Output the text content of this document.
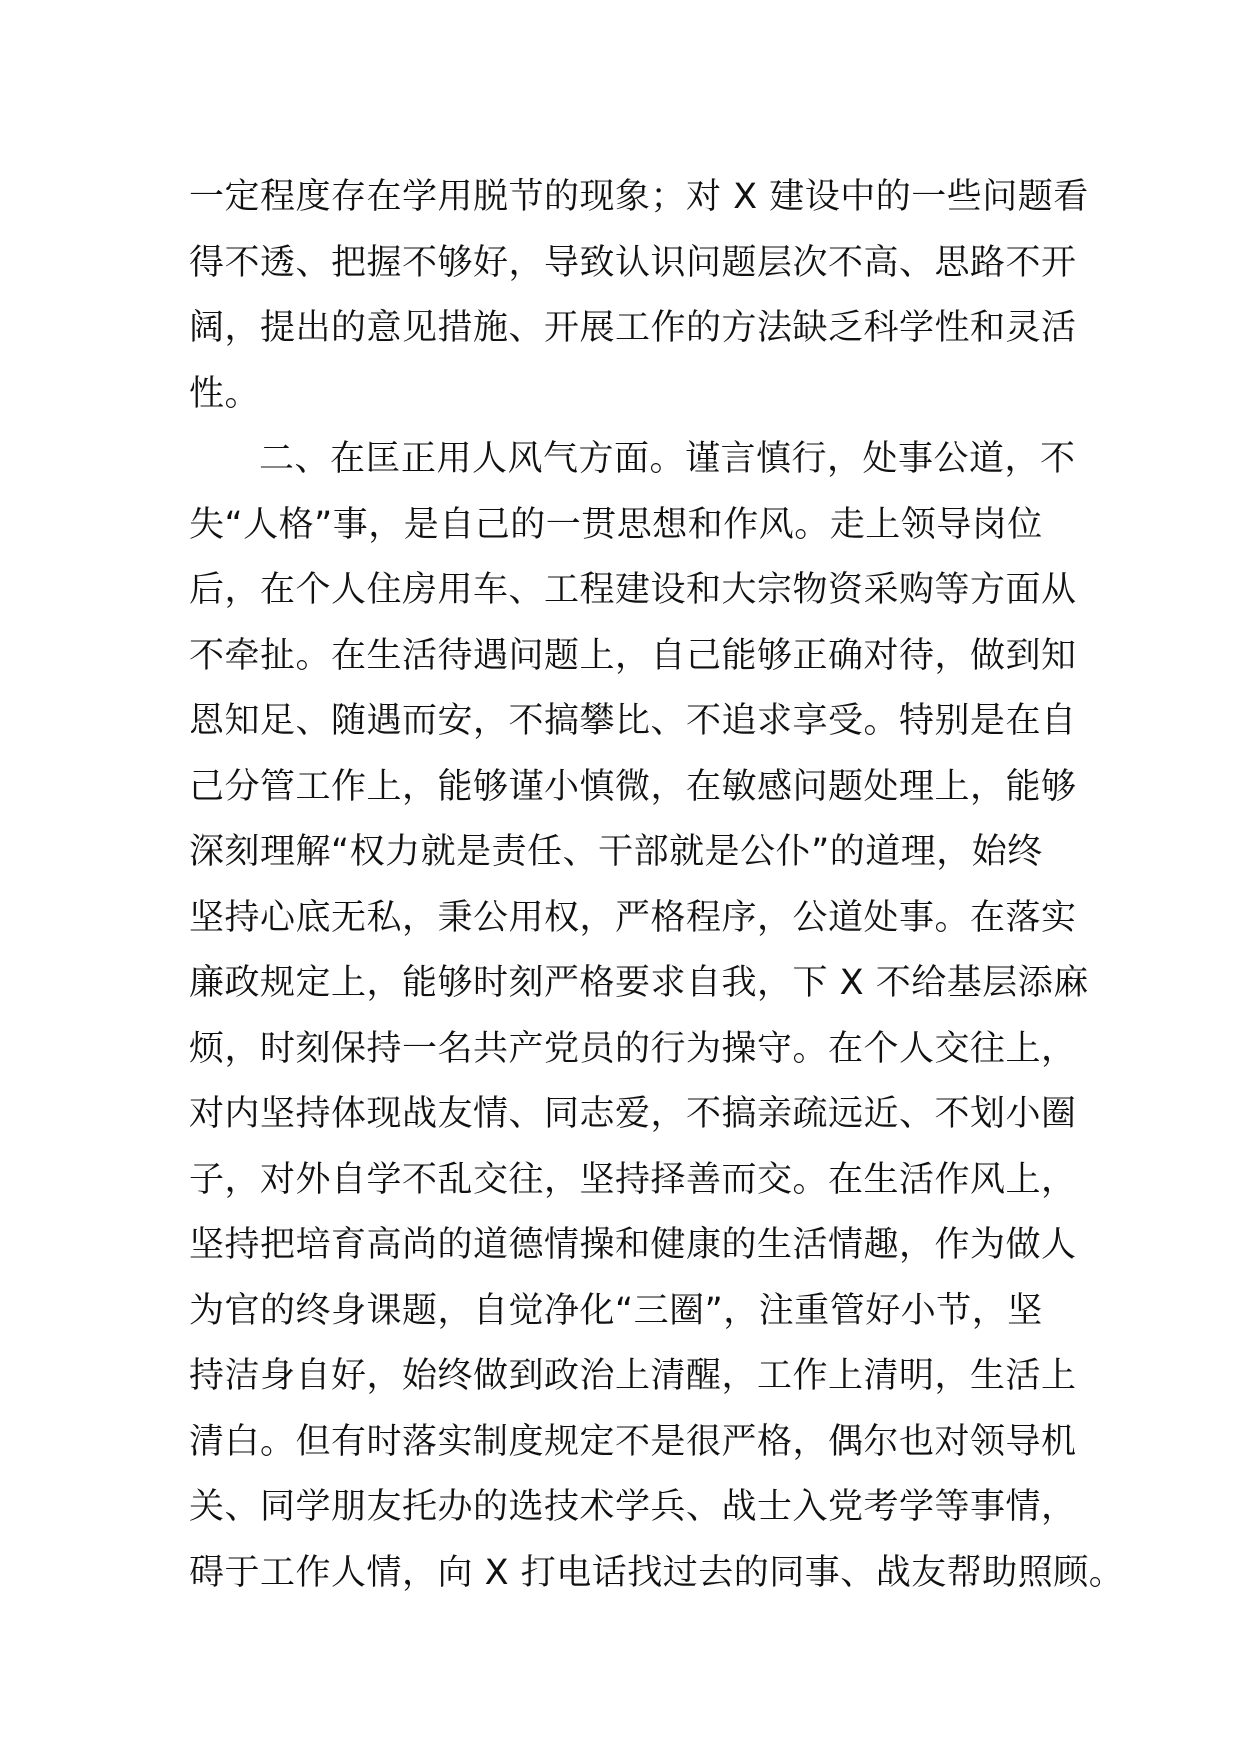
一定程度存在学用脱节的现象；对 X 建设中的一些问题看
得不透、把握不够好，导致认识问题层次不高、思路不开
阔，提出的意见措施、开展工作的方法缺乏科学性和灵活
性。
二、在匡正用人风气方面。谨言慎行，处事公道，不
失“人格”事，是自己的一贯思想和作风。走上领导岗位
后，在个人住房用车、工程建设和大宗物资采购等方面从
不牵扯。在生活待遇问题上，自己能够正确对待，做到知
恩知足、随遇而安，不搞攀比、不追求享受。特别是在自
己分管工作上，能够谨小慎微，在敏感问题处理上，能够
深刻理解“权力就是责任、干部就是公仆”的道理，始终
坚持心底无私，秉公用权，严格程序，公道处事。在落实
廉政规定上，能够时刻严格要求自我，下 X 不给基层添麻
烦，时刻保持一名共产党员的行为操守。在个人交往上，
对内坚持体现战友情、同志爱，不搞亲疏远近、不划小圈
子，对外自学不乱交往，坚持择善而交。在生活作风上，
坚持把培育高尚的道德情操和健康的生活情趣，作为做人
为官的终身课题，自觉净化“三圈”，注重管好小节，坚
持洁身自好，始终做到政治上清醒，工作上清明，生活上
清白。但有时落实制度规定不是很严格，偶尔也对领导机
关、同学朋友托办的选技术学兵、战士入党考学等事情，
碍于工作人情，向 X 打电话找过去的同事、战友帮助照顾。
